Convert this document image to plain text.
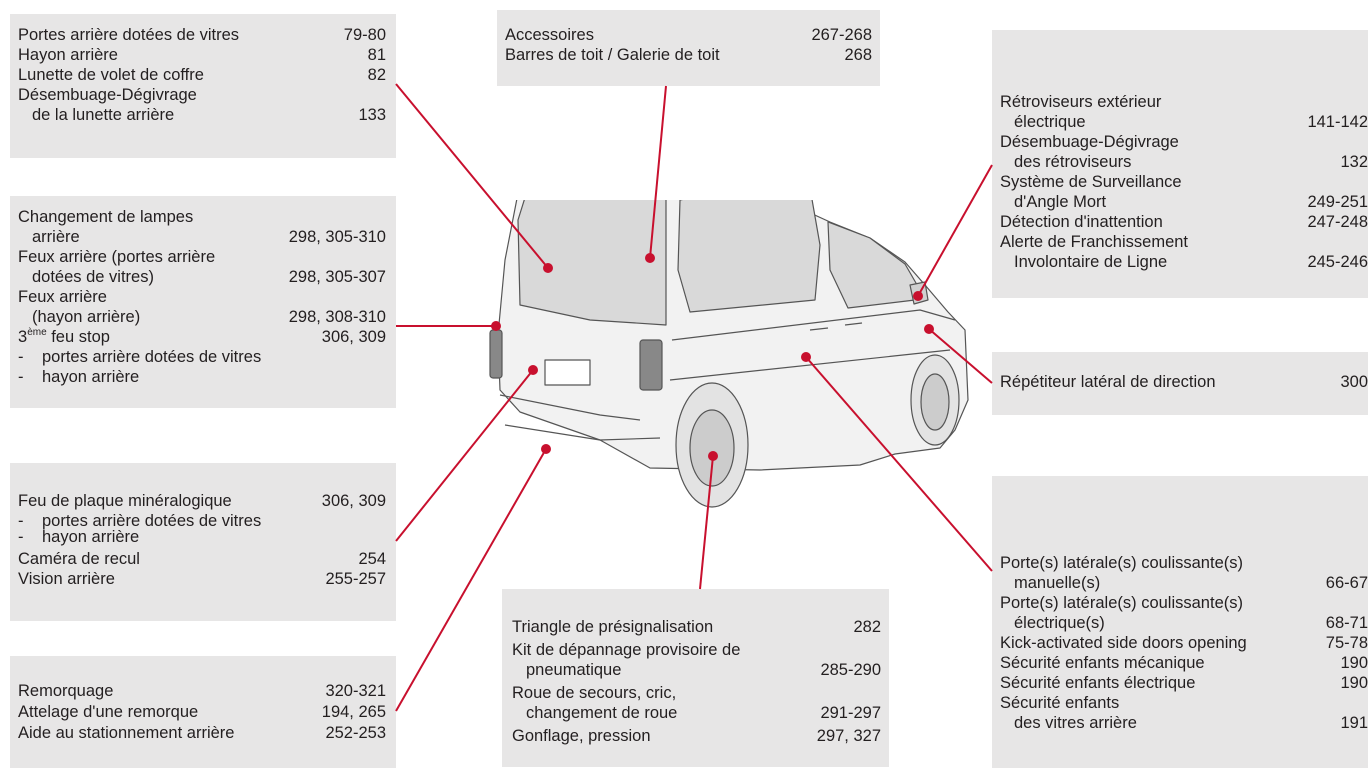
Portes arrière dotées de vitres	79-80
Hayon arrière	81
Lunette de volet de coffre	82
Désembuage-Dégivrage
de la lunette arrière	133
Changement de lampes
arrière	298, 305-310
Feux arrière (portes arrière
dotées de vitres)	298, 305-307
Feux arrière
(hayon arrière)	298, 308-310
3ème feu stop	306, 309
- portes arrière dotées de vitres
- hayon arrière
Feu de plaque minéralogique	306, 309
- portes arrière dotées de vitres
- hayon arrière
Caméra de recul	254
Vision arrière	255-257
Remorquage	320-321
Attelage d'une remorque	194, 265
Aide au stationnement arrière	252-253
Accessoires	267-268
Barres de toit / Galerie de toit	268
Triangle de présignalisation	282
Kit de dépannage provisoire de
pneumatique	285-290
Roue de secours, cric,
changement de roue	291-297
Gonflage, pression	297, 327
Rétroviseurs extérieur
électrique	141-142
Désembuage-Dégivrage
des rétroviseurs	132
Système de Surveillance
d'Angle Mort	249-251
Détection d'inattention	247-248
Alerte de Franchissement
Involontaire de Ligne	245-246
Répétiteur latéral de direction	300
Porte(s) latérale(s) coulissante(s)
manuelle(s)	66-67
Porte(s) latérale(s) coulissante(s)
électrique(s)	68-71
Kick-activated side doors opening	75-78
Sécurité enfants mécanique	190
Sécurité enfants électrique	190
Sécurité enfants
des vitres arrière	191
